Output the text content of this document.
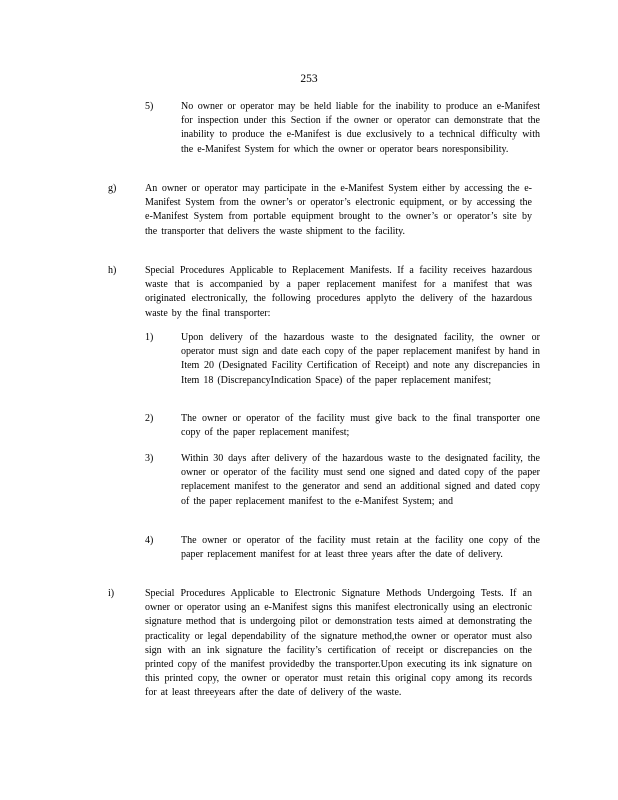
253
5)	No owner or operator may be held liable for the inability to produce an e-Manifest for inspection under this Section if the owner or operator can demonstrate that the inability to produce the e-Manifest is due exclusively to a technical difficulty with the e-Manifest System for which the owner or operator bears noresponsibility.
g)	An owner or operator may participate in the e-Manifest System either by accessing the e-Manifest System from the owner’s or operator’s electronic equipment, or by accessing the e-Manifest System from portable equipment brought to the owner’s or operator’s site by the transporter that delivers the waste shipment to the facility.
h)	Special Procedures Applicable to Replacement Manifests. If a facility receives hazardous waste that is accompanied by a paper replacement manifest for a manifest that was originated electronically, the following procedures applyto the delivery of the hazardous waste by the final transporter:
1)	Upon delivery of the hazardous waste to the designated facility, the owner or operator must sign and date each copy of the paper replacement manifest by hand in Item 20 (Designated Facility Certification of Receipt) and note any discrepancies in Item 18 (DiscrepancyIndication Space) of the paper replacement manifest;
2)	The owner or operator of the facility must give back to the final transporter one copy of the paper replacement manifest;
3)	Within 30 days after delivery of the hazardous waste to the designated facility, the owner or operator of the facility must send one signed and dated copy of the paper replacement manifest to the generator and send an additional signed and dated copy of the paper replacement manifest to the e-Manifest System; and
4)	The owner or operator of the facility must retain at the facility one copy of the paper replacement manifest for at least three years after the date of delivery.
i)	Special Procedures Applicable to Electronic Signature Methods Undergoing Tests. If an owner or operator using an e-Manifest signs this manifest electronically using an electronic signature method that is undergoing pilot or demonstration tests aimed at demonstrating the practicality or legal dependability of the signature method,the owner or operator must also sign with an ink signature the facility’s certification of receipt or discrepancies on the printed copy of the manifest providedby the transporter.Upon executing its ink signature on this printed copy, the owner or operator must retain this original copy among its records for at least threeyears after the date of delivery of the waste.
